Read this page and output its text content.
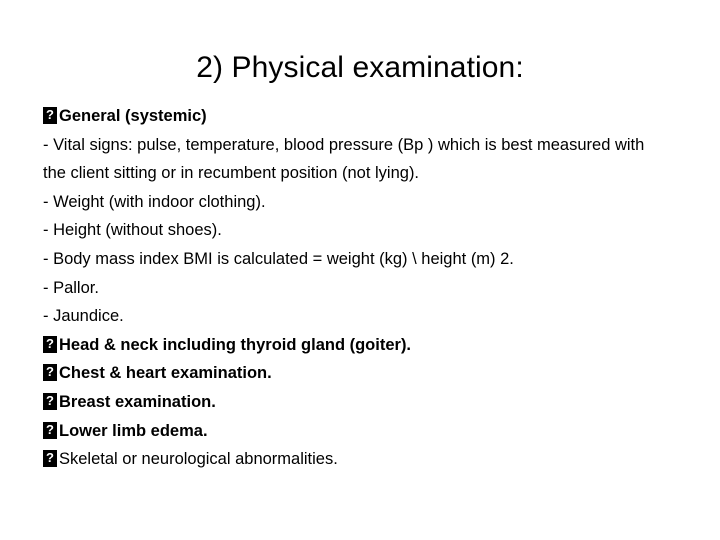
2) Physical examination:
?General (systemic)
- Vital signs: pulse, temperature, blood pressure (Bp ) which is best measured with
the client sitting or in recumbent position (not lying).
- Weight (with indoor clothing).
- Height (without shoes).
- Body mass index BMI is calculated = weight (kg) \ height (m) 2.
- Pallor.
- Jaundice.
?Head & neck including thyroid gland (goiter).
?Chest & heart examination.
?Breast examination.
?Lower limb edema.
?Skeletal or neurological abnormalities.
